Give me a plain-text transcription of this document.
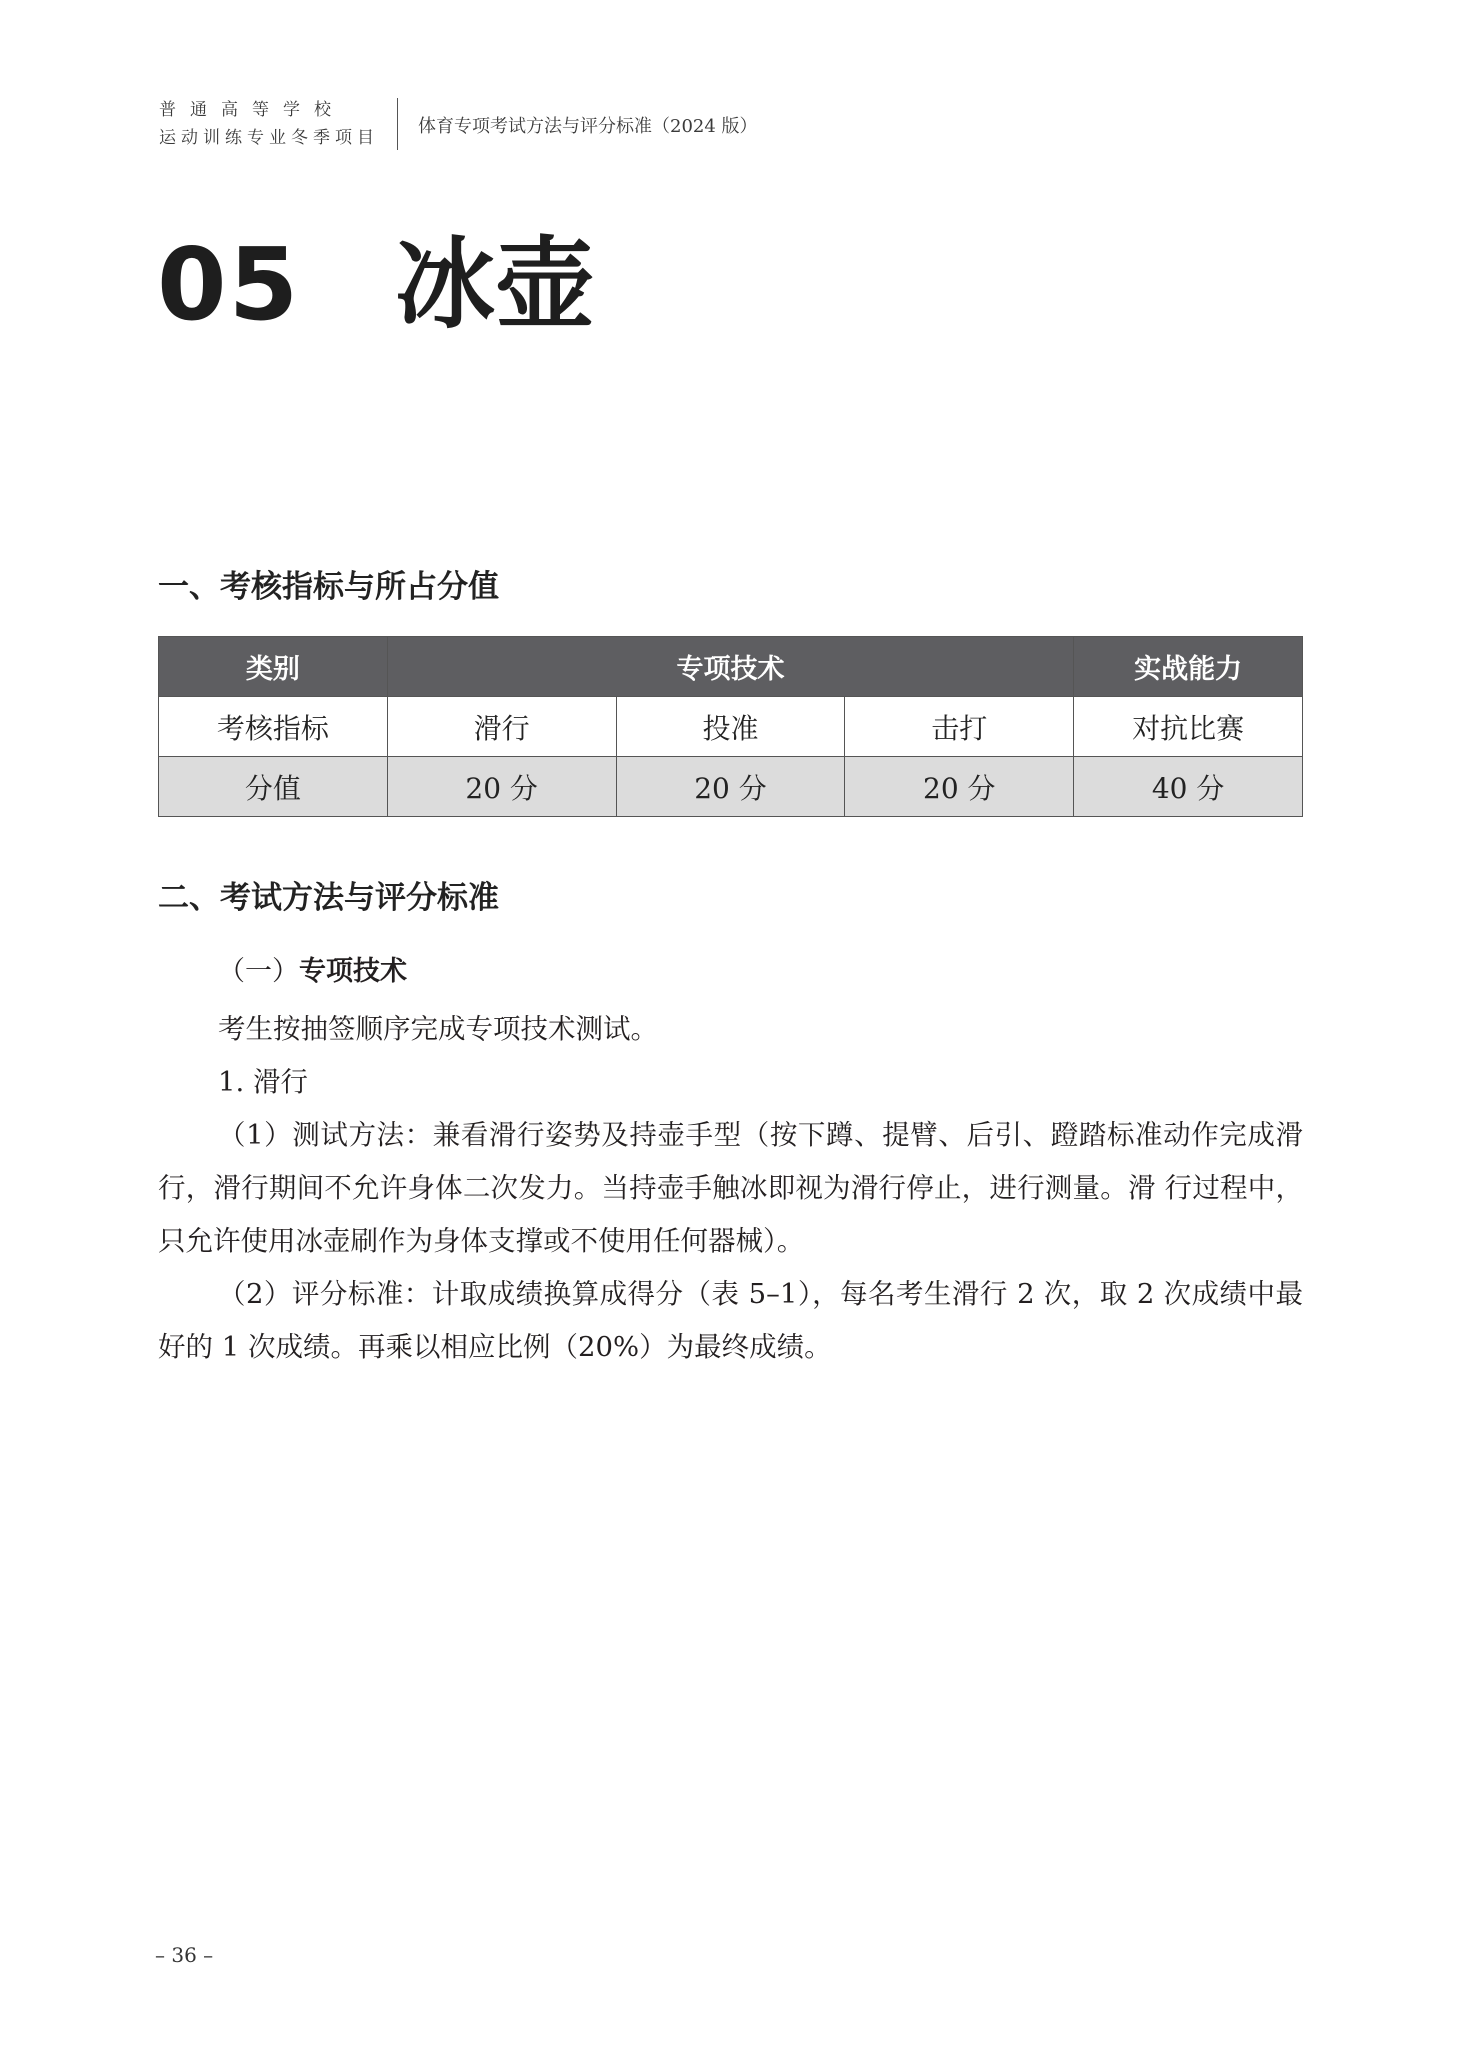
普通高等学校
运动训练专业冬季项目
体育专项考试方法与评分标准（2024 版）
05 冰壶
一、考核指标与所占分值
类别	专项技术			实战能力
考核指标	滑行	投准	击打	对抗比赛
分值	20 分	20 分	20 分	40 分
二、考试方法与评分标准
（一）专项技术

考生按抽签顺序完成专项技术测试。

1. 滑行

（1）测试方法：兼看滑行姿势及持壶手型（按下蹲、提臂、后引、蹬踏标准动作完成滑行，滑行期间不允许身体二次发力。当持壶手触冰即视为滑行停止，进行测量。滑 行过程中，只允许使用冰壶刷作为身体支撑或不使用任何器械）。

（2）评分标准：计取成绩换算成得分（表 5–1），每名考生滑行 2 次，取 2 次成绩中最好的 1 次成绩。再乘以相应比例（20%）为最终成绩。

– 36 –
